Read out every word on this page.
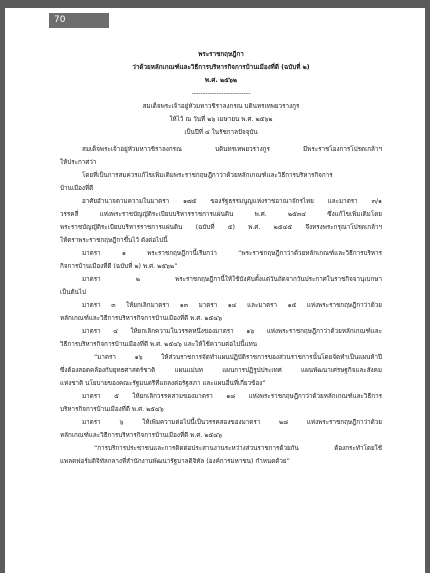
70
พระราชกฤษฎีกา
ว่าด้วยหลักเกณฑ์และวิธีการบริหารกิจการบ้านเมืองที่ดี (ฉบับที่ ๒)
พ.ศ. ๒๕๖๒
--------------------------
สมเด็จพระเจ้าอยู่หัวมหาวชิราลงกรณ บดินทรเทพยวรางกูร
ให้ไว้ ณ วันที่ ๒๖ เมษายน พ.ศ. ๒๕๖๒
เป็นปีที่ ๔ ในรัชกาลปัจจุบัน
สมเด็จพระเจ้าอยู่หัวมหาวชิราลงกรณ บดินทรเทพยวรางกูร มีพระราชโองการโปรดเกล้าฯ
ให้ประกาศว่า
โดยที่เป็นการสมควรแก้ไขเพิ่มเติมพระราชกฤษฎีกาว่าด้วยหลักเกณฑ์และวิธีการบริหารกิจการ
บ้านเมืองที่ดี
อาศัยอำนาจตามความในมาตรา ๑๗๕ ของรัฐธรรมนูญแห่งราชอาณาจักรไทย และมาตรา ๓/๑
วรรคสี่ แห่งพระราชบัญญัติระเบียบบริหารราชการแผ่นดิน พ.ศ. ๒๕๓๔ ซึ่งแก้ไขเพิ่มเติมโดย
พระราชบัญญัติระเบียบบริหารราชการแผ่นดิน (ฉบับที่ ๕) พ.ศ. ๒๕๔๕ จึงทรงพระกรุณาโปรดเกล้าฯ
ให้ตราพระราชกฤษฎีกาขึ้นไว้ ดังต่อไปนี้
มาตรา ๑ พระราชกฤษฎีกานี้เรียกว่า “พระราชกฤษฎีกาว่าด้วยหลักเกณฑ์และวิธีการบริหาร
กิจการบ้านเมืองที่ดี (ฉบับที่ ๒) พ.ศ. ๒๕๖๒”
มาตรา ๒ พระราชกฤษฎีกานี้ให้ใช้บังคับตั้งแต่วันถัดจากวันประกาศในราชกิจจานุเบกษา
เป็นต้นไป
มาตรา ๓ ให้ยกเลิกมาตรา ๑๓ มาตรา ๑๔ และมาตรา ๑๕ แห่งพระราชกฤษฎีกาว่าด้วย
หลักเกณฑ์และวิธีการบริหารกิจการบ้านเมืองที่ดี พ.ศ. ๒๕๔๖
มาตรา ๔ ให้ยกเลิกความในวรรคหนึ่งของมาตรา ๑๖ แห่งพระราชกฤษฎีกาว่าด้วยหลักเกณฑ์และ
วิธีการบริหารกิจการบ้านเมืองที่ดี พ.ศ. ๒๕๔๖ และให้ใช้ความต่อไปนี้แทน
“มาตรา ๑๖ ให้ส่วนราชการจัดทำแผนปฏิบัติราชการของส่วนราชการนั้นโดยจัดทำเป็นแผนห้าปี
ซึ่งต้องสอดคล้องกับยุทธศาสตร์ชาติ แผนแม่บท แผนการปฏิรูปประเทศ แผนพัฒนาเศรษฐกิจและสังคม
แห่งชาติ นโยบายของคณะรัฐมนตรีที่แถลงต่อรัฐสภา และแผนอื่นที่เกี่ยวข้อง”
มาตรา ๕ ให้ยกเลิกวรรคสามของมาตรา ๑๘ แห่งพระราชกฤษฎีกาว่าด้วยหลักเกณฑ์และวิธีการ
บริหารกิจการบ้านเมืองที่ดี พ.ศ. ๒๕๔๖
มาตรา ๖ ให้เพิ่มความต่อไปนี้เป็นวรรคสองของมาตรา ๒๘ แห่งพระราชกฤษฎีกาว่าด้วย
หลักเกณฑ์และวิธีการบริหารกิจการบ้านเมืองที่ดี พ.ศ. ๒๕๔๖
“การบริการประชาชนและการติดต่อประสานงานระหว่างส่วนราชการด้วยกัน ต้องกระทำโดยใช้
แพลตฟอร์มดิจิทัลกลางที่สำนักงานพัฒนารัฐบาลดิจิทัล (องค์การมหาชน) กำหนดด้วย”
